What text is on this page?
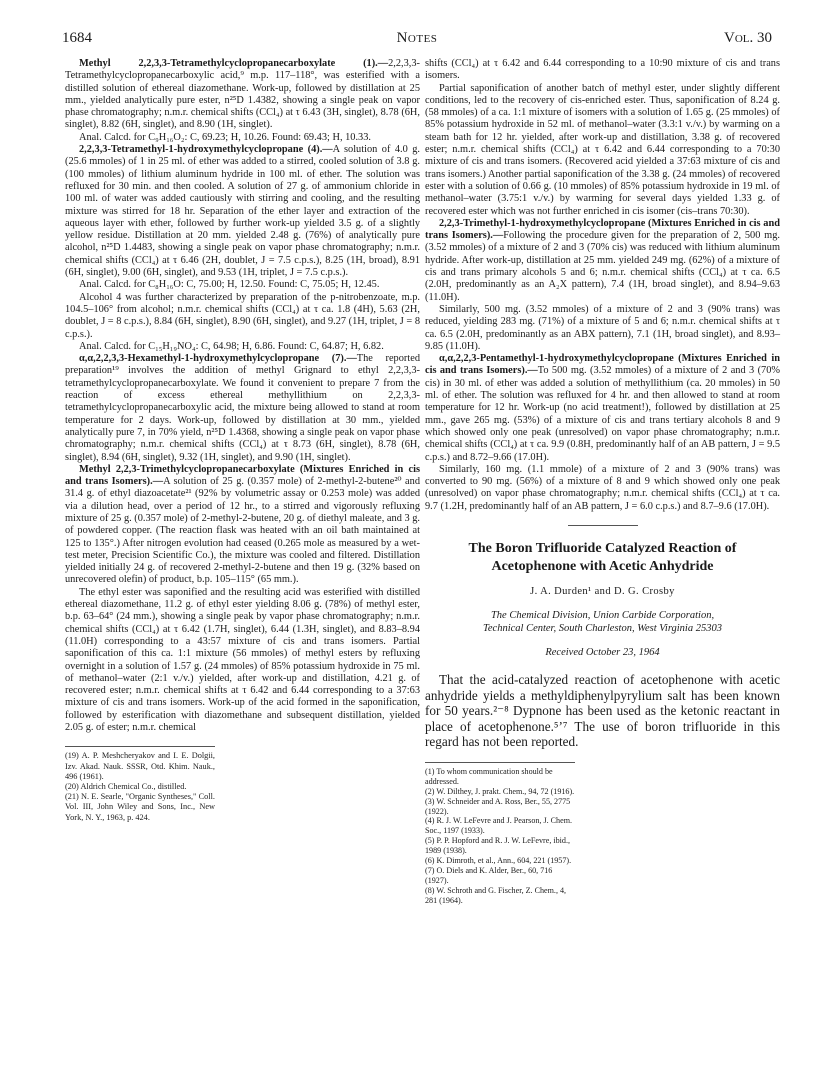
1684	Notes	Vol. 30

Methyl 2,2,3,3-Tetramethylcyclopropanecarboxylate (1).—2,2,3,3-Tetramethylcyclopropanecarboxylic acid,⁹ m.p. 117–118°, was esterified with a distilled solution of ethereal diazomethane. Work-up, followed by distillation at 25 mm., yielded analytically pure ester, n²⁵D 1.4382, showing a single peak on vapor phase chromatography; n.m.r. chemical shifts (CCl₄) at τ 6.43 (3H, singlet), 8.78 (6H, singlet), 8.82 (6H, singlet), and 8.90 (1H, singlet).

Anal. Calcd. for C₉H₁₆O₂: C, 69.23; H, 10.26. Found: 69.43; H, 10.33.

2,2,3,3-Tetramethyl-1-hydroxymethylcyclopropane (4).—A solution of 4.0 g. (25.6 mmoles) of 1 in 25 ml. of ether was added to a stirred, cooled solution of 3.8 g. (100 mmoles) of lithium aluminum hydride in 100 ml. of ether. The solution was refluxed for 30 min. and then cooled. A solution of 27 g. of ammonium chloride in 100 ml. of water was added cautiously with stirring and cooling, and the resulting mixture was stirred for 18 hr. Separation of the ether layer and extraction of the aqueous layer with ether, followed by further work-up yielded 3.5 g. of a slightly yellow residue. Distillation at 20 mm. yielded 2.48 g. (76%) of analytically pure alcohol, n²⁵D 1.4483, showing a single peak on vapor phase chromatography; n.m.r. chemical shifts (CCl₄) at τ 6.46 (2H, doublet, J = 7.5 c.p.s.), 8.25 (1H, broad), 8.91 (6H, singlet), 9.00 (6H, singlet), and 9.53 (1H, triplet, J = 7.5 c.p.s.).

Anal. Calcd. for C₈H₁₆O: C, 75.00; H, 12.50. Found: C, 75.05; H, 12.45.

Alcohol 4 was further characterized by preparation of the p-nitrobenzoate, m.p. 104.5–106° from alcohol; n.m.r. chemical shifts (CCl₄) at τ ca. 1.8 (4H), 5.63 (2H, doublet, J = 8 c.p.s.), 8.84 (6H, singlet), 8.90 (6H, singlet), and 9.27 (1H, triplet, J = 8 c.p.s.).

Anal. Calcd. for C₁₅H₁₉NO₄: C, 64.98; H, 6.86. Found: C, 64.87; H, 6.82.

α,α,2,2,3,3-Hexamethyl-1-hydroxymethylcyclopropane (7).—The reported preparation¹⁹ involves the addition of methyl Grignard to ethyl 2,2,3,3-tetramethylcyclopropanecarboxylate. We found it convenient to prepare 7 from the reaction of excess ethereal methyllithium on 2,2,3,3-tetramethylcyclopropanecarboxylic acid, the mixture being allowed to stand at room temperature for 2 days. Work-up, followed by distillation at 30 mm., yielded analytically pure 7, in 70% yield, n²⁵D 1.4368, showing a single peak on vapor phase chromatography; n.m.r. chemical shifts (CCl₄) at τ 8.73 (6H, singlet), 8.78 (6H, singlet), 8.94 (6H, singlet), 9.32 (1H, singlet), and 9.90 (1H, singlet).

Methyl 2,2,3-Trimethylcyclopropanecarboxylate (Mixtures Enriched in cis and trans Isomers).—A solution of 25 g. (0.357 mole) of 2-methyl-2-butene²⁰ and 31.4 g. of ethyl diazoacetate²¹ (92% by volumetric assay or 0.253 mole) was added via a dilution head, over a period of 12 hr., to a stirred and vigorously refluxing mixture of 25 g. (0.357 mole) of 2-methyl-2-butene, 20 g. of diethyl maleate, and 3 g. of powdered copper. (The reaction flask was heated with an oil bath maintained at 125 to 135°.) After nitrogen evolution had ceased (0.265 mole as measured by a wet-test meter, Precision Scientific Co.), the mixture was cooled and filtered. Distillation yielded initially 24 g. of recovered 2-methyl-2-butene and then 19 g. (32% based on unrecovered olefin) of product, b.p. 105–115° (65 mm.).

The ethyl ester was saponified and the resulting acid was esterified with distilled ethereal diazomethane, 11.2 g. of ethyl ester yielding 8.06 g. (78%) of methyl ester, b.p. 63–64° (24 mm.), showing a single peak by vapor phase chromatography; n.m.r. chemical shifts (CCl₄) at τ 6.42 (1.7H, singlet), 6.44 (1.3H, singlet), and 8.83–8.94 (11.0H) corresponding to a 43:57 mixture of cis and trans isomers. Partial saponification of this ca. 1:1 mixture (56 mmoles) of methyl esters by refluxing overnight in a solution of 1.57 g. (24 mmoles) of 85% potassium hydroxide in 75 ml. of methanol–water (2:1 v./v.) yielded, after work-up and distillation, 4.21 g. of recovered ester; n.m.r. chemical shifts at τ 6.42 and 6.44 corresponding to a 37:63 mixture of cis and trans isomers. Work-up of the acid formed in the saponification, followed by esterification with diazomethane and subsequent distillation, yielded 2.05 g. of ester; n.m.r. chemical

(19) A. P. Meshcheryakov and I. E. Dolgii, Izv. Akad. Nauk. SSSR, Otd. Khim. Nauk., 496 (1961).

(20) Aldrich Chemical Co., distilled.

(21) N. E. Searle, "Organic Syntheses," Coll. Vol. III, John Wiley and Sons, Inc., New York, N. Y., 1963, p. 424.

shifts (CCl₄) at τ 6.42 and 6.44 corresponding to a 10:90 mixture of cis and trans isomers.

Partial saponification of another batch of methyl ester, under slightly different conditions, led to the recovery of cis-enriched ester. Thus, saponification of 8.24 g. (58 mmoles) of a ca. 1:1 mixture of isomers with a solution of 1.65 g. (25 mmoles) of 85% potassium hydroxide in 52 ml. of methanol–water (3.3:1 v./v.) by warming on a steam bath for 12 hr. yielded, after work-up and distillation, 3.38 g. of recovered ester; n.m.r. chemical shifts (CCl₄) at τ 6.42 and 6.44 corresponding to a 70:30 mixture of cis and trans isomers. (Recovered acid yielded a 37:63 mixture of cis and trans isomers.) Another partial saponification of the 3.38 g. (24 mmoles) of recovered ester with a solution of 0.66 g. (10 mmoles) of 85% potassium hydroxide in 19 ml. of methanol–water (3.75:1 v./v.) by warming for several days yielded 1.33 g. of recovered ester which was not further enriched in cis isomer (cis–trans 70:30).

2,2,3-Trimethyl-1-hydroxymethylcyclopropane (Mixtures Enriched in cis and trans Isomers).—Following the procedure given for the preparation of 2, 500 mg. (3.52 mmoles) of a mixture of 2 and 3 (70% cis) was reduced with lithium aluminum hydride. After work-up, distillation at 25 mm. yielded 249 mg. (62%) of a mixture of cis and trans primary alcohols 5 and 6; n.m.r. chemical shifts (CCl₄) at τ ca. 6.5 (2.0H, predominantly as an A₂X pattern), 7.4 (1H, broad singlet), and 8.94–9.63 (11.0H).

Similarly, 500 mg. (3.52 mmoles) of a mixture of 2 and 3 (90% trans) was reduced, yielding 283 mg. (71%) of a mixture of 5 and 6; n.m.r. chemical shifts at τ ca. 6.5 (2.0H, predominantly as an ABX pattern), 7.1 (1H, broad singlet), and 8.93–9.85 (11.0H).

α,α,2,2,3-Pentamethyl-1-hydroxymethylcyclopropane (Mixtures Enriched in cis and trans Isomers).—To 500 mg. (3.52 mmoles) of a mixture of 2 and 3 (70% cis) in 30 ml. of ether was added a solution of methyllithium (ca. 20 mmoles) in 50 ml. of ether. The solution was refluxed for 4 hr. and then allowed to stand at room temperature for 12 hr. Work-up (no acid treatment!), followed by distillation at 25 mm., gave 265 mg. (53%) of a mixture of cis and trans tertiary alcohols 8 and 9 which showed only one peak (unresolved) on vapor phase chromatography; n.m.r. chemical shifts (CCl₄) at τ ca. 9.9 (0.8H, predominantly half of an AB pattern, J = 9.5 c.p.s.) and 8.72–9.66 (17.0H).

Similarly, 160 mg. (1.1 mmole) of a mixture of 2 and 3 (90% trans) was converted to 90 mg. (56%) of a mixture of 8 and 9 which showed only one peak (unresolved) on vapor phase chromatography; n.m.r. chemical shifts (CCl₄) at τ ca. 9.7 (1.2H, predominantly half of an AB pattern, J = 6.0 c.p.s.) and 8.7–9.6 (17.0H).

The Boron Trifluoride Catalyzed Reaction of Acetophenone with Acetic Anhydride
J. A. Durden¹ and D. G. Crosby
The Chemical Division, Union Carbide Corporation,
Technical Center, South Charleston, West Virginia 25303
Received October 23, 1964

That the acid-catalyzed reaction of acetophenone with acetic anhydride yields a methyldiphenylpyrylium salt has been known for 50 years.²⁻⁸ Dypnone has been used as the ketonic reactant in place of acetophenone.⁵ʼ⁷ The use of boron trifluoride in this regard has not been reported.

(1) To whom communication should be addressed.

(2) W. Dilthey, J. prakt. Chem., 94, 72 (1916).

(3) W. Schneider and A. Ross, Ber., 55, 2775 (1922).

(4) R. J. W. LeFevre and J. Pearson, J. Chem. Soc., 1197 (1933).

(5) P. P. Hopford and R. J. W. LeFevre, ibid., 1989 (1938).

(6) K. Dimroth, et al., Ann., 604, 221 (1957).

(7) O. Diels and K. Alder, Ber., 60, 716 (1927).

(8) W. Schroth and G. Fischer, Z. Chem., 4, 281 (1964).
